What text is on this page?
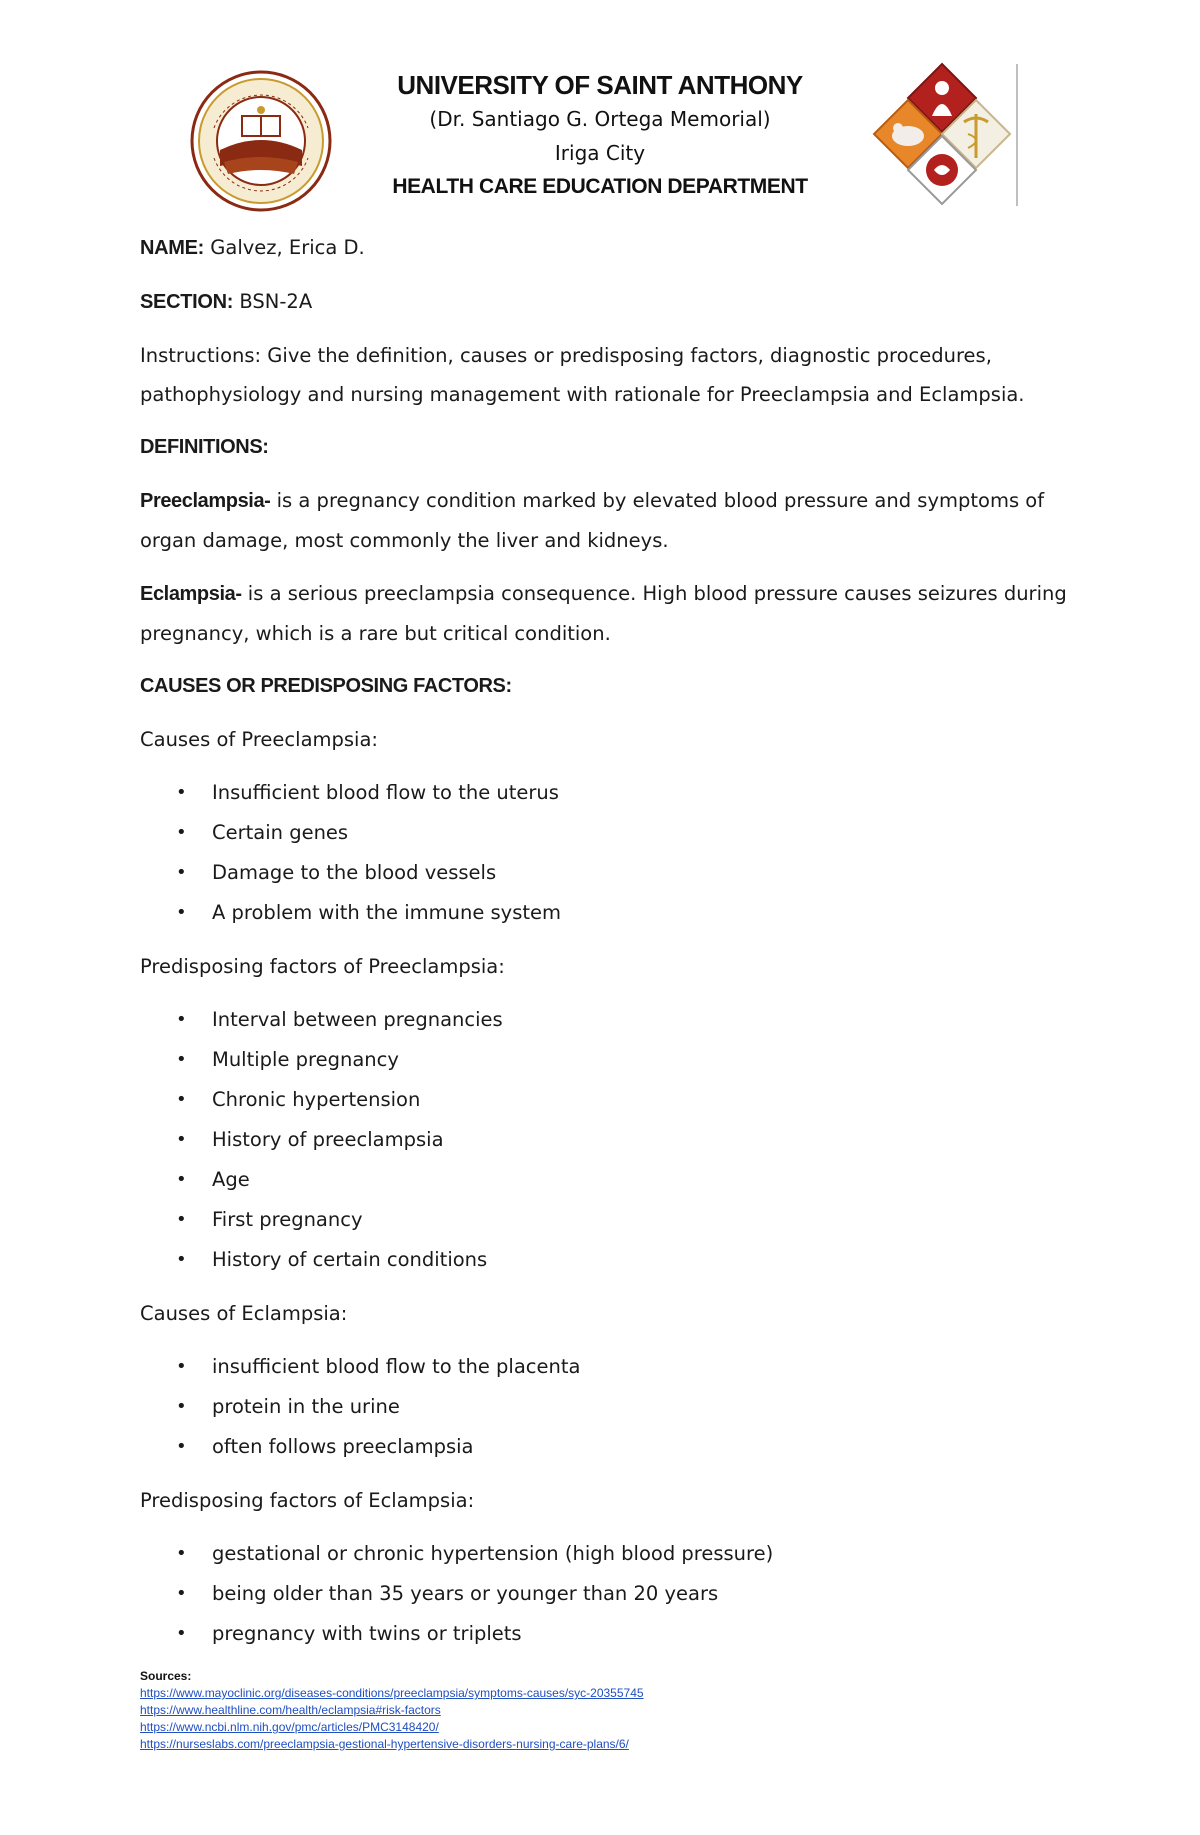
UNIVERSITY OF SAINT ANTHONY
(Dr. Santiago G. Ortega Memorial)
Iriga City
HEALTH CARE EDUCATION DEPARTMENT

NAME: Galvez, Erica D.

SECTION: BSN-2A

Instructions: Give the definition, causes or predisposing factors, diagnostic procedures, pathophysiology and nursing management with rationale for Preeclampsia and Eclampsia.

DEFINITIONS:

Preeclampsia- is a pregnancy condition marked by elevated blood pressure and symptoms of organ damage, most commonly the liver and kidneys.

Eclampsia- is a serious preeclampsia consequence. High blood pressure causes seizures during pregnancy, which is a rare but critical condition.

CAUSES OR PREDISPOSING FACTORS:

Causes of Preeclampsia:

• Insufficient blood flow to the uterus
• Certain genes
• Damage to the blood vessels
• A problem with the immune system

Predisposing factors of Preeclampsia:

• Interval between pregnancies
• Multiple pregnancy
• Chronic hypertension
• History of preeclampsia
• Age
• First pregnancy
• History of certain conditions

Causes of Eclampsia:

• insufficient blood flow to the placenta
• protein in the urine
• often follows preeclampsia

Predisposing factors of Eclampsia:

• gestational or chronic hypertension (high blood pressure)
• being older than 35 years or younger than 20 years
• pregnancy with twins or triplets
Sources:
https://www.mayoclinic.org/diseases-conditions/preeclampsia/symptoms-causes/syc-20355745
https://www.healthline.com/health/eclampsia#risk-factors
https://www.ncbi.nlm.nih.gov/pmc/articles/PMC3148420/
https://nurseslabs.com/preeclampsia-gestional-hypertensive-disorders-nursing-care-plans/6/
